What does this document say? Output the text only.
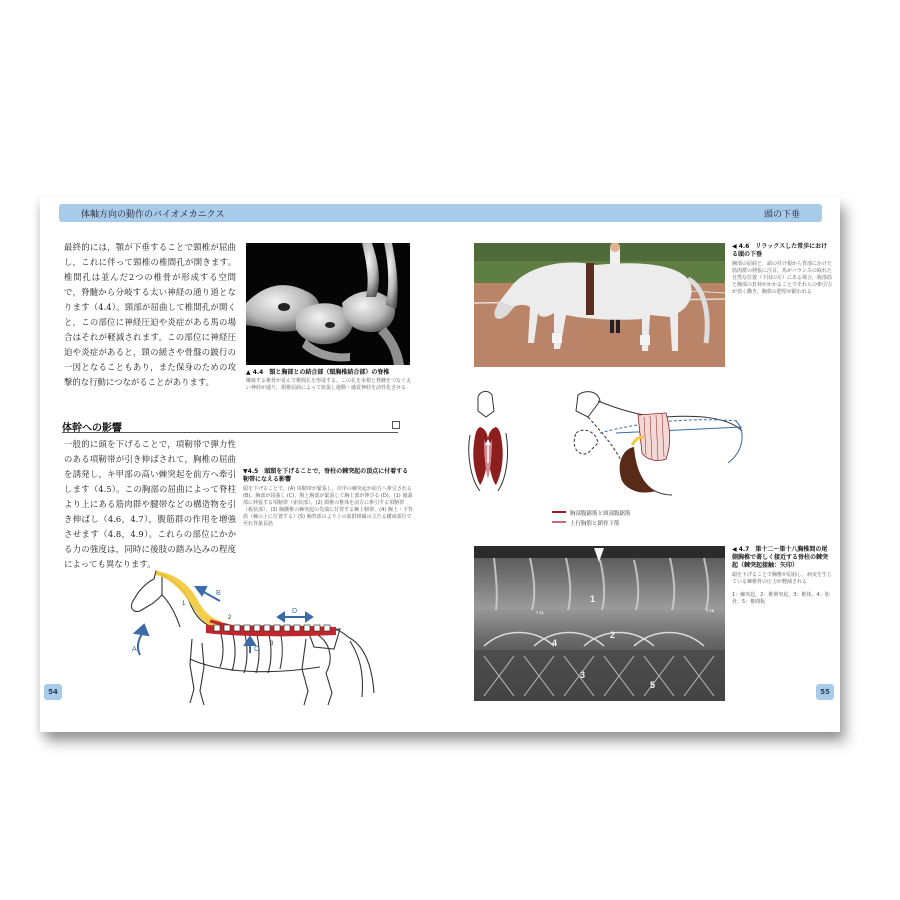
体軸方向の動作のバイオメカニクス
最終的には，顎が下垂することで頸椎が屈曲し，これに伴って頸椎の椎間孔が開きます。椎間孔は並んだ2つの椎骨が形成する空間で，脊髄から分岐する太い神経の通り道となります（4.4）。頸部が屈曲して椎間孔が開くと，この部位に神経圧迫や炎症がある馬の場合はそれが軽減されます。この部位に神経圧迫や炎症があると，頸の緩さや骨盤の跛行の一因となることもあり，また保身のための攻撃的な行動につながることがあります。
▲ 4.4　頸と胸部との結合部（頸胸椎結合部）の脊椎
隣接する椎骨が並んで椎間孔を形成する。この孔を末梢と脊髄をつなぐ太い神経が通り，頸椎屈曲によって拡張し運動・感覚神経を活性化させる
体幹への影響
一般的に頭を下げることで，項靭帯で弾力性のある項靭帯が引き伸ばされて，胸椎の屈曲を誘発し，キ甲部の高い棘突起を前方へ牽引します（4.5）。この胸部の屈曲によって脊柱より上にある筋肉群や腱帯などの構造物を引き伸ばし（4.6，4.7），腹筋群の作用を増強させます（4.8，4.9）。これらの部位にかかる力の強度は，同時に後肢の踏み込みの程度によっても異なります。
▼4.5　頭頸を下げることで，脊柱の棘突起の頂点に付着する靭帯になえる影響
頭を下げることで，(A) 項靭帯が緊張し，次甲の棘突起が前方へ牽引される (B)。胸部が屈曲し (C)，腹と胸部が緊張して胸上部が伸びる (D)。(1) 後頭部に伸張する項靭帯（索状部），(2) 頸椎の椎体を前方に牽引する項靭帯（板状部），(3) 胸腰椎の棘突起の先端に付着する棘上靭帯，(4) 胸上・下背筋（棘の上に位置する）(5) 胸背部のより上の筋群組織の主たる構成部位で至れ背最長筋
A
B
C
D
1
2
3
54
頭の下垂
◀ 4.6　リラックスした常歩における頭の下垂
胸部の屈曲と，頭の付け根から背部にかけた筋肉群の伸張に注目。馬がバランスの取れた自然な位置（下図の左）にある場合，腹部筋と胸部の負荷がかかることでそれらの牽引力が効く働き，胸郭の肥厚が顕われる
胸部腹鋸筋と頸部腹鋸筋
上行胸筋と鎖骨下筋
1
2
3
4
5
T 11	T 16
◀ 4.7　第十二〜第十八胸椎間の尾側胸椎で著しく接近する脊柱の棘突起（棘突起接触：矢印）
頭を下げることで胸椎が屈曲し，病変を生じている棘椎骨の圧力が軽減される
1：棘突起，2：椎関突起，3：椎体，4：肋骨，5：椎間板
55
